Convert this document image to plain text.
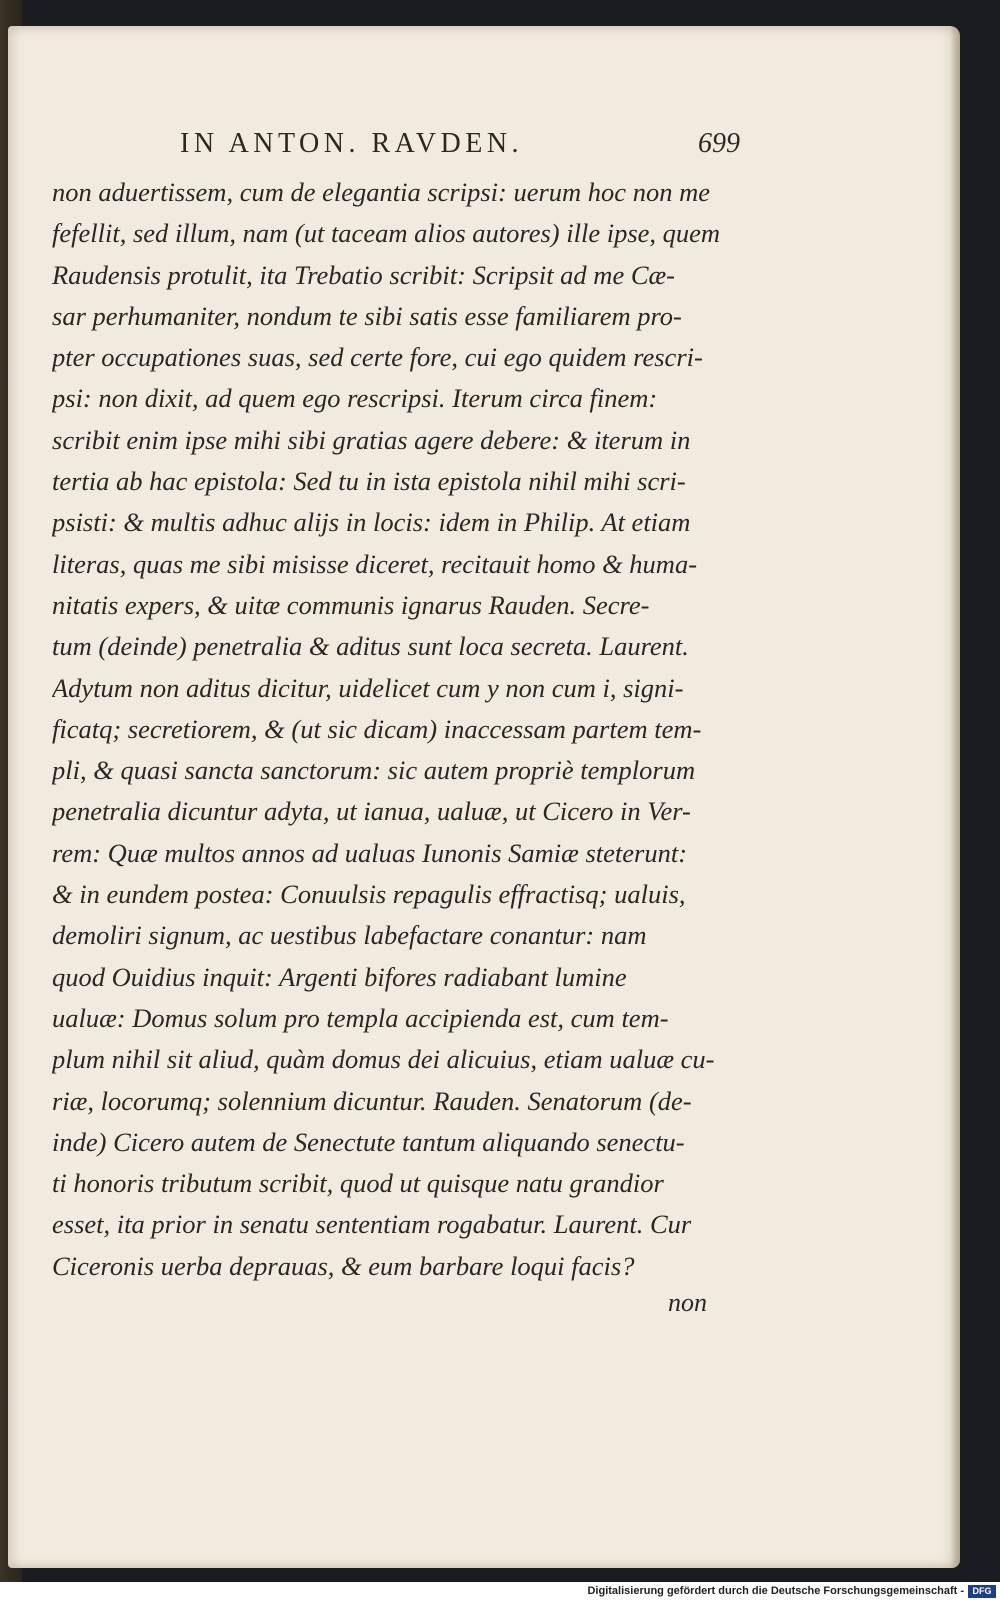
IN ANTON. RAVDEN.	699
non aduertissem, cum de elegantia scripsi: uerum hoc non me
fefellit, sed illum, nam (ut taceam alios autores) ille ipse, quem
Raudensis protulit, ita Trebatio scribit: Scripsit ad me Cæ-
sar perhumaniter, nondum te sibi satis esse familiarem pro-
pter occupationes suas, sed certe fore, cui ego quidem rescri-
psi: non dixit, ad quem ego rescripsi. Iterum circa finem:
scribit enim ipse mihi sibi gratias agere debere: & iterum in
tertia ab hac epistola: Sed tu in ista epistola nihil mihi scri-
psisti: & multis adhuc alijs in locis: idem in Philip. At etiam
literas, quas me sibi misisse diceret, recitauit homo & huma-
nitatis expers, & uitæ communis ignarus Rauden. Secre-
tum (deinde) penetralia & aditus sunt loca secreta. Laurent.
Adytum non aditus dicitur, uidelicet cum y non cum i, signi-
ficatq; secretiorem, & (ut sic dicam) inaccessam partem tem-
pli, & quasi sancta sanctorum: sic autem propriè templorum
penetralia dicuntur adyta, ut ianua, ualuæ, ut Cicero in Ver-
rem: Quæ multos annos ad ualuas Iunonis Samiæ steterunt:
& in eundem postea: Conuulsis repagulis effractisq; ualuis,
demoliri signum, ac uestibus labefactare conantur: nam
quod Ouidius inquit: Argenti bifores radiabant lumine
ualuæ: Domus solum pro templa accipienda est, cum tem-
plum nihil sit aliud, quàm domus dei alicuius, etiam ualuæ cu-
riæ, locorumq; solennium dicuntur. Rauden. Senatorum (de-
inde) Cicero autem de Senectute tantum aliquando senectu-
ti honoris tributum scribit, quod ut quisque natu grandior
esset, ita prior in senatu sententiam rogabatur. Laurent. Cur
Ciceronis uerba deprauas, & eum barbare loqui facis?
non
Digitalisierung gefördert durch die Deutsche Forschungsgemeinschaft - DFG
